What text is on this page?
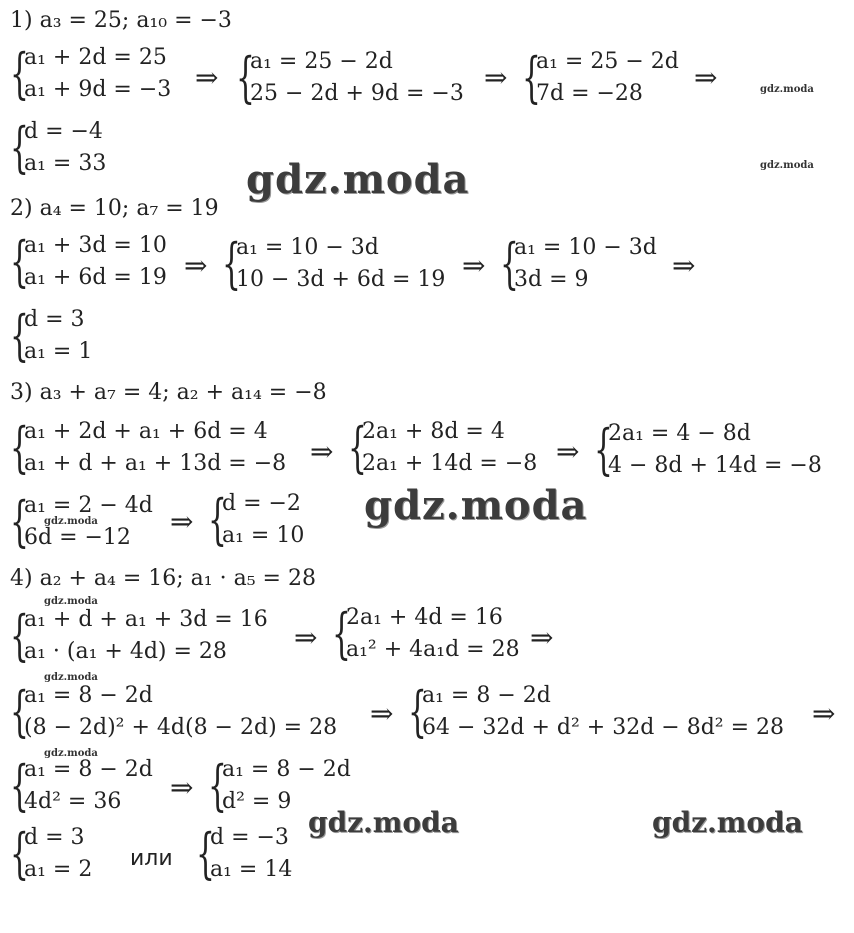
1) a₃ = 25; a₁₀ = −3
{
a₁ + 2d = 25
a₁ + 9d = −3 ⇒ {
a₁ = 25 − 2d
25 − 2d + 9d = −3 ⇒ {
a₁ = 25 − 2d
7d = −28	⇒
{
d = −4
a₁ = 33
2) a₄ = 10; a₇ = 19
{
a₁ + 3d = 10
a₁ + 6d = 19 ⇒ {
a₁ = 10 − 3d
10 − 3d + 6d = 19 ⇒ {
a₁ = 10 − 3d
3d = 9	⇒
{
d = 3
a₁ = 1
3) a₃ + a₇ = 4; a₂ + a₁₄ = −8
{
a₁ + 2d + a₁ + 6d = 4
a₁ + d + a₁ + 13d = −8 ⇒ {
2a₁ + 8d = 4
2a₁ + 14d = −8 ⇒ {
2a₁ = 4 − 8d
4 − 8d + 14d = −8
{
a₁ = 2 − 4d
6d = −12	⇒ {
d = −2
a₁ = 10
4) a₂ + a₄ = 16; a₁ · a₅ = 28
{
a₁ + d + a₁ + 3d = 16
a₁ · (a₁ + 4d) = 28	⇒ {
2a₁ + 4d = 16
a₁² + 4a₁d = 28 ⇒
{
a₁ = 8 − 2d
(8 − 2d)² + 4d(8 − 2d) = 28 ⇒ {
a₁ = 8 − 2d
64 − 32d + d² + 32d − 8d² = 28 ⇒
{
a₁ = 8 − 2d
4d² = 36	⇒ {
a₁ = 8 − 2d
d² = 9
{
d = 3
a₁ = 2 или {
d = −3
a₁ = 14
gdz.moda
gdz.moda
gdz.moda	gdz.moda
gdz.moda
gdz.moda
gdz.moda
gdz.moda
gdz.moda
gdz.moda
